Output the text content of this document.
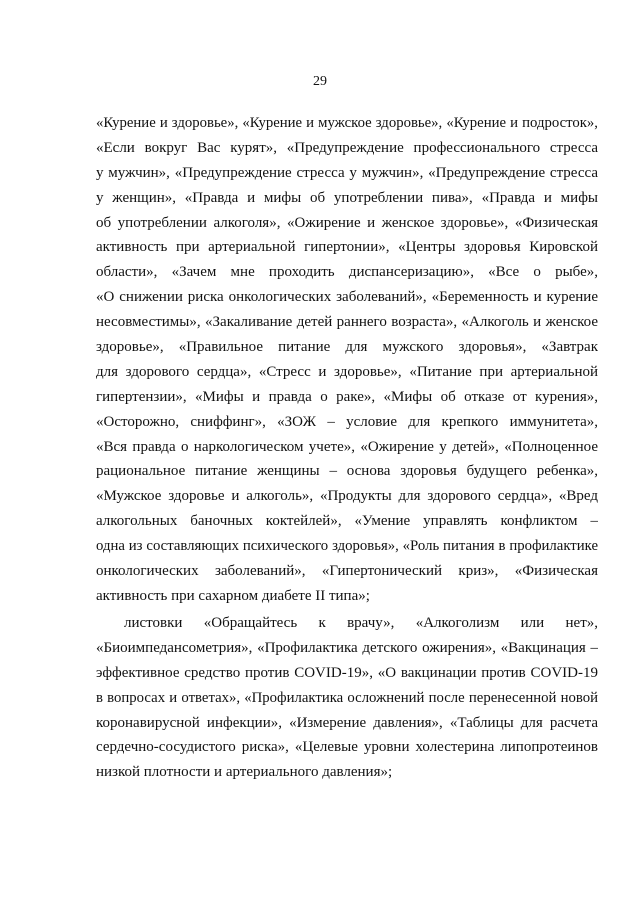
29
«Курение и здоровье», «Курение и мужское здоровье», «Курение и подросток»,
«Если вокруг Вас курят», «Предупреждение профессионального стресса
у мужчин», «Предупреждение стресса у мужчин», «Предупреждение стресса
у женщин», «Правда и мифы об употреблении пива», «Правда и мифы
об употреблении алкоголя», «Ожирение и женское здоровье», «Физическая
активность при артериальной гипертонии», «Центры здоровья Кировской
области», «Зачем мне проходить диспансеризацию», «Все о рыбе»,
«О снижении риска онкологических заболеваний», «Беременность и курение
несовместимы», «Закаливание детей раннего возраста», «Алкоголь и женское
здоровье», «Правильное питание для мужского здоровья», «Завтрак
для здорового сердца», «Стресс и здоровье», «Питание при артериальной
гипертензии», «Мифы и правда о раке», «Мифы об отказе от курения»,
«Осторожно, сниффинг», «ЗОЖ – условие для крепкого иммунитета»,
«Вся правда о наркологическом учете», «Ожирение у детей», «Полноценное
рациональное питание женщины – основа здоровья будущего ребенка»,
«Мужское здоровье и алкоголь», «Продукты для здорового сердца», «Вред
алкогольных баночных коктейлей», «Умение управлять конфликтом –
одна из составляющих психического здоровья», «Роль питания в профилактике
онкологических заболеваний», «Гипертонический криз», «Физическая
активность при сахарном диабете II типа»;
листовки «Обращайтесь к врачу», «Алкоголизм или нет»,
«Биоимпедансометрия», «Профилактика детского ожирения», «Вакцинация –
эффективное средство против COVID-19», «О вакцинации против COVID-19
в вопросах и ответах», «Профилактика осложнений после перенесенной новой
коронавирусной инфекции», «Измерение давления», «Таблицы для расчета
сердечно-сосудистого риска», «Целевые уровни холестерина липопротеинов
низкой плотности и артериального давления»;
